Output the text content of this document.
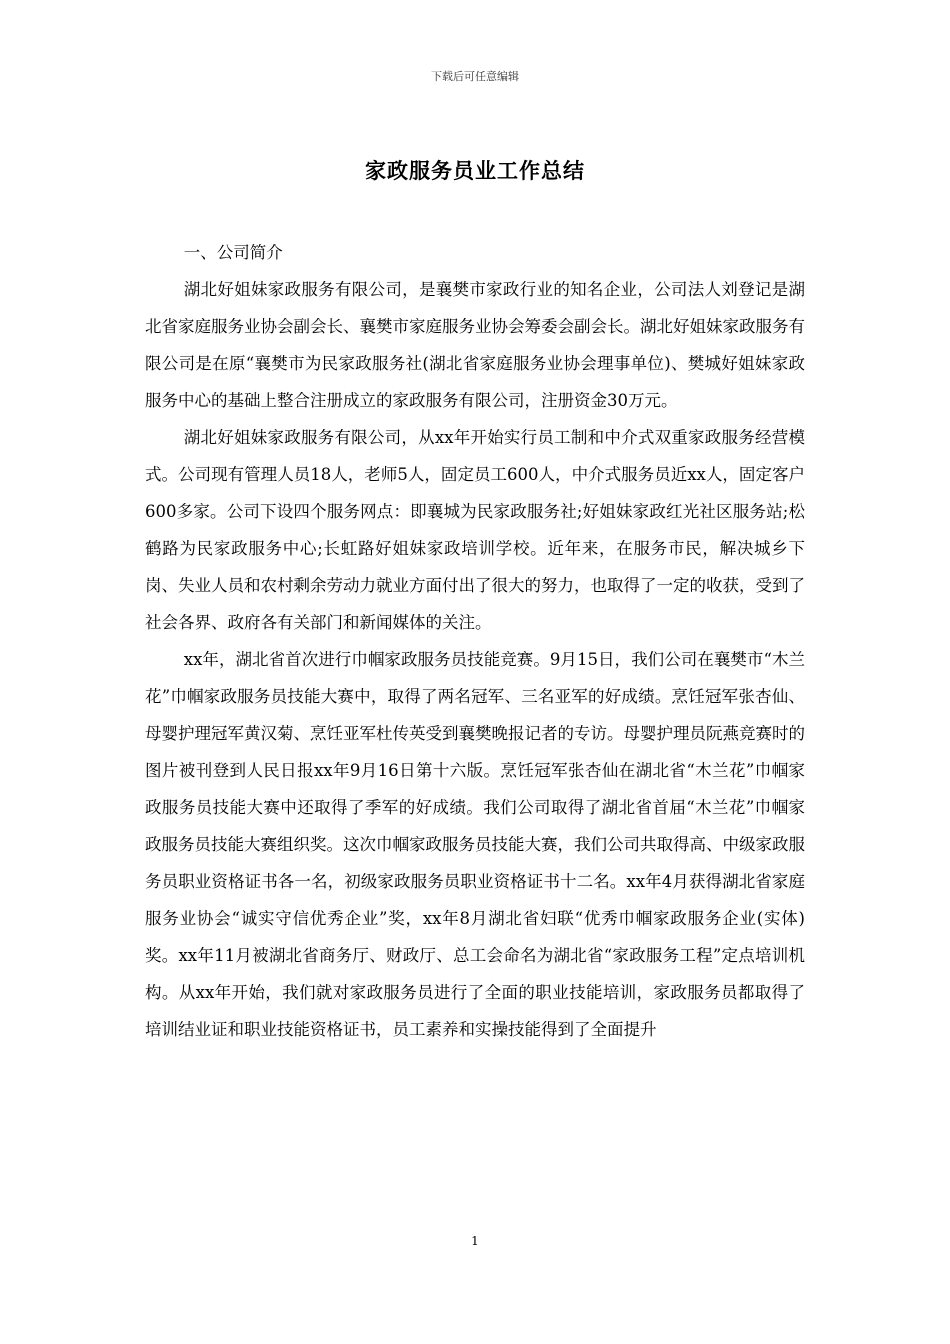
下载后可任意编辑
家政服务员业工作总结

一、公司简介

湖北好姐妹家政服务有限公司，是襄樊市家政行业的知名企业，公司法人刘登记是湖北省家庭服务业协会副会长、襄樊市家庭服务业协会筹委会副会长。湖北好姐妹家政服务有限公司是在原“襄樊市为民家政服务社(湖北省家庭服务业协会理事单位)、樊城好姐妹家政服务中心的基础上整合注册成立的家政服务有限公司，注册资金30万元。

湖北好姐妹家政服务有限公司，从xx年开始实行员工制和中介式双重家政服务经营模式。公司现有管理人员18人，老师5人，固定员工600人，中介式服务员近xx人，固定客户600多家。公司下设四个服务网点：即襄城为民家政服务社;好姐妹家政红光社区服务站;松鹤路为民家政服务中心;长虹路好姐妹家政培训学校。近年来，在服务市民，解决城乡下岗、失业人员和农村剩余劳动力就业方面付出了很大的努力，也取得了一定的收获，受到了社会各界、政府各有关部门和新闻媒体的关注。

xx年，湖北省首次进行巾帼家政服务员技能竞赛。9月15日，我们公司在襄樊市“木兰花”巾帼家政服务员技能大赛中，取得了两名冠军、三名亚军的好成绩。烹饪冠军张杏仙、母婴护理冠军黄汉菊、烹饪亚军杜传英受到襄樊晚报记者的专访。母婴护理员阮燕竞赛时的图片被刊登到人民日报xx年9月16日第十六版。烹饪冠军张杏仙在湖北省“木兰花”巾帼家政服务员技能大赛中还取得了季军的好成绩。我们公司取得了湖北省首届“木兰花”巾帼家政服务员技能大赛组织奖。这次巾帼家政服务员技能大赛，我们公司共取得高、中级家政服务员职业资格证书各一名，初级家政服务员职业资格证书十二名。xx年4月获得湖北省家庭服务业协会“诚实守信优秀企业”奖，xx年8月湖北省妇联“优秀巾帼家政服务企业(实体)奖。xx年11月被湖北省商务厅、财政厅、总工会命名为湖北省“家政服务工程”定点培训机构。从xx年开始，我们就对家政服务员进行了全面的职业技能培训，家政服务员都取得了培训结业证和职业技能资格证书，员工素养和实操技能得到了全面提升

1
